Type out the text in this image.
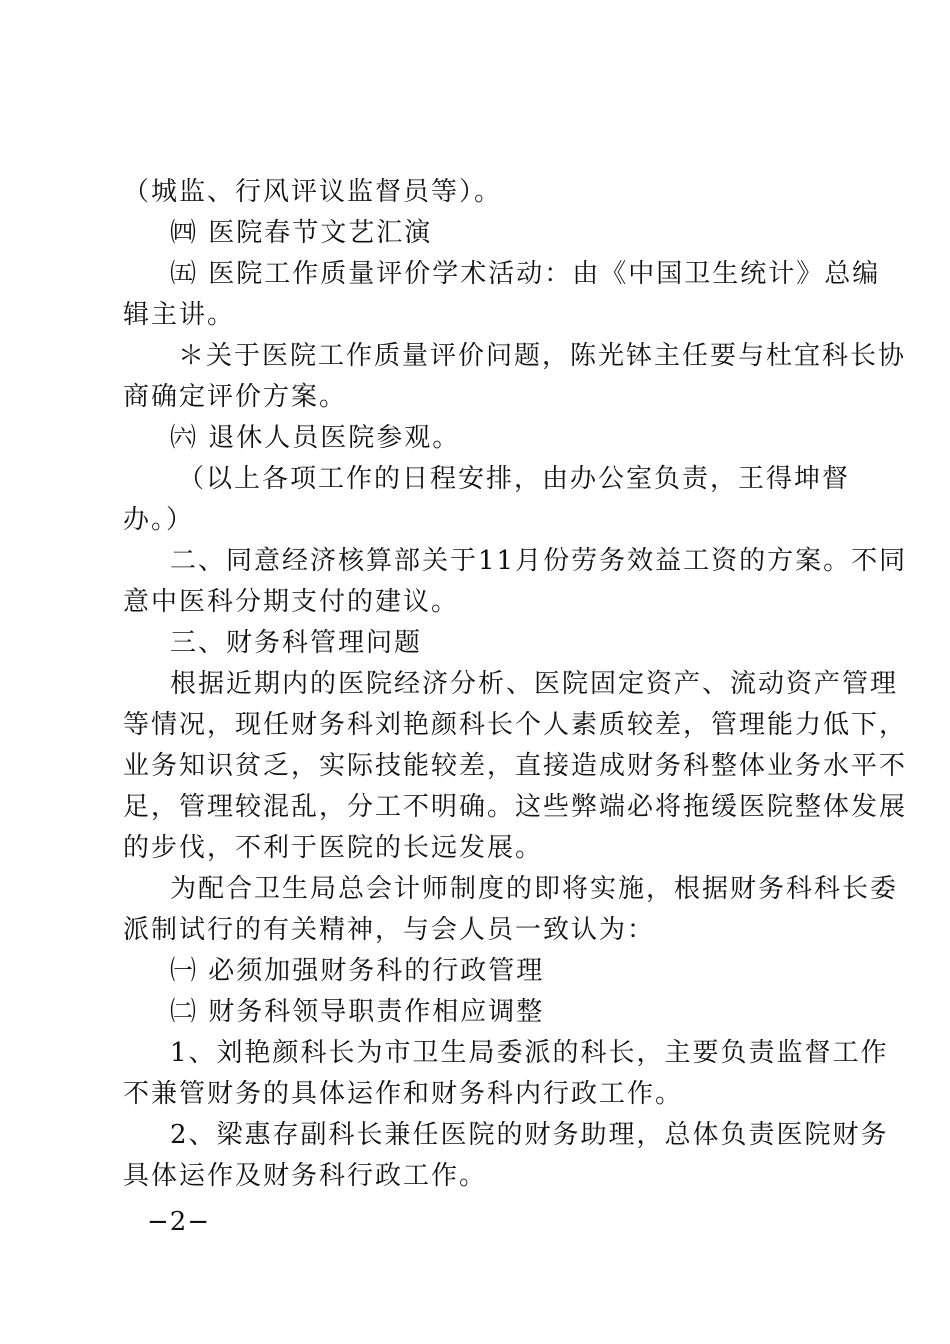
（城监、行风评议监督员等）。
㈣ 医院春节文艺汇演
㈤ 医院工作质量评价学术活动：由《中国卫生统计》总编
辑主讲。
＊关于医院工作质量评价问题，陈光钵主任要与杜宜科长协
商确定评价方案。
㈥ 退休人员医院参观。
（以上各项工作的日程安排，由办公室负责，王得坤督
办。）
二、同意经济核算部关于11月份劳务效益工资的方案。不同
意中医科分期支付的建议。
三、财务科管理问题
根据近期内的医院经济分析、医院固定资产、流动资产管理
等情况，现任财务科刘艳颜科长个人素质较差，管理能力低下，
业务知识贫乏，实际技能较差，直接造成财务科整体业务水平不
足，管理较混乱，分工不明确。这些弊端必将拖缓医院整体发展
的步伐，不利于医院的长远发展。
为配合卫生局总会计师制度的即将实施，根据财务科科长委
派制试行的有关精神，与会人员一致认为：
㈠ 必须加强财务科的行政管理
㈡ 财务科领导职责作相应调整
1、刘艳颜科长为市卫生局委派的科长，主要负责监督工作
不兼管财务的具体运作和财务科内行政工作。
2、梁惠存副科长兼任医院的财务助理，总体负责医院财务
具体运作及财务科行政工作。
−2−
